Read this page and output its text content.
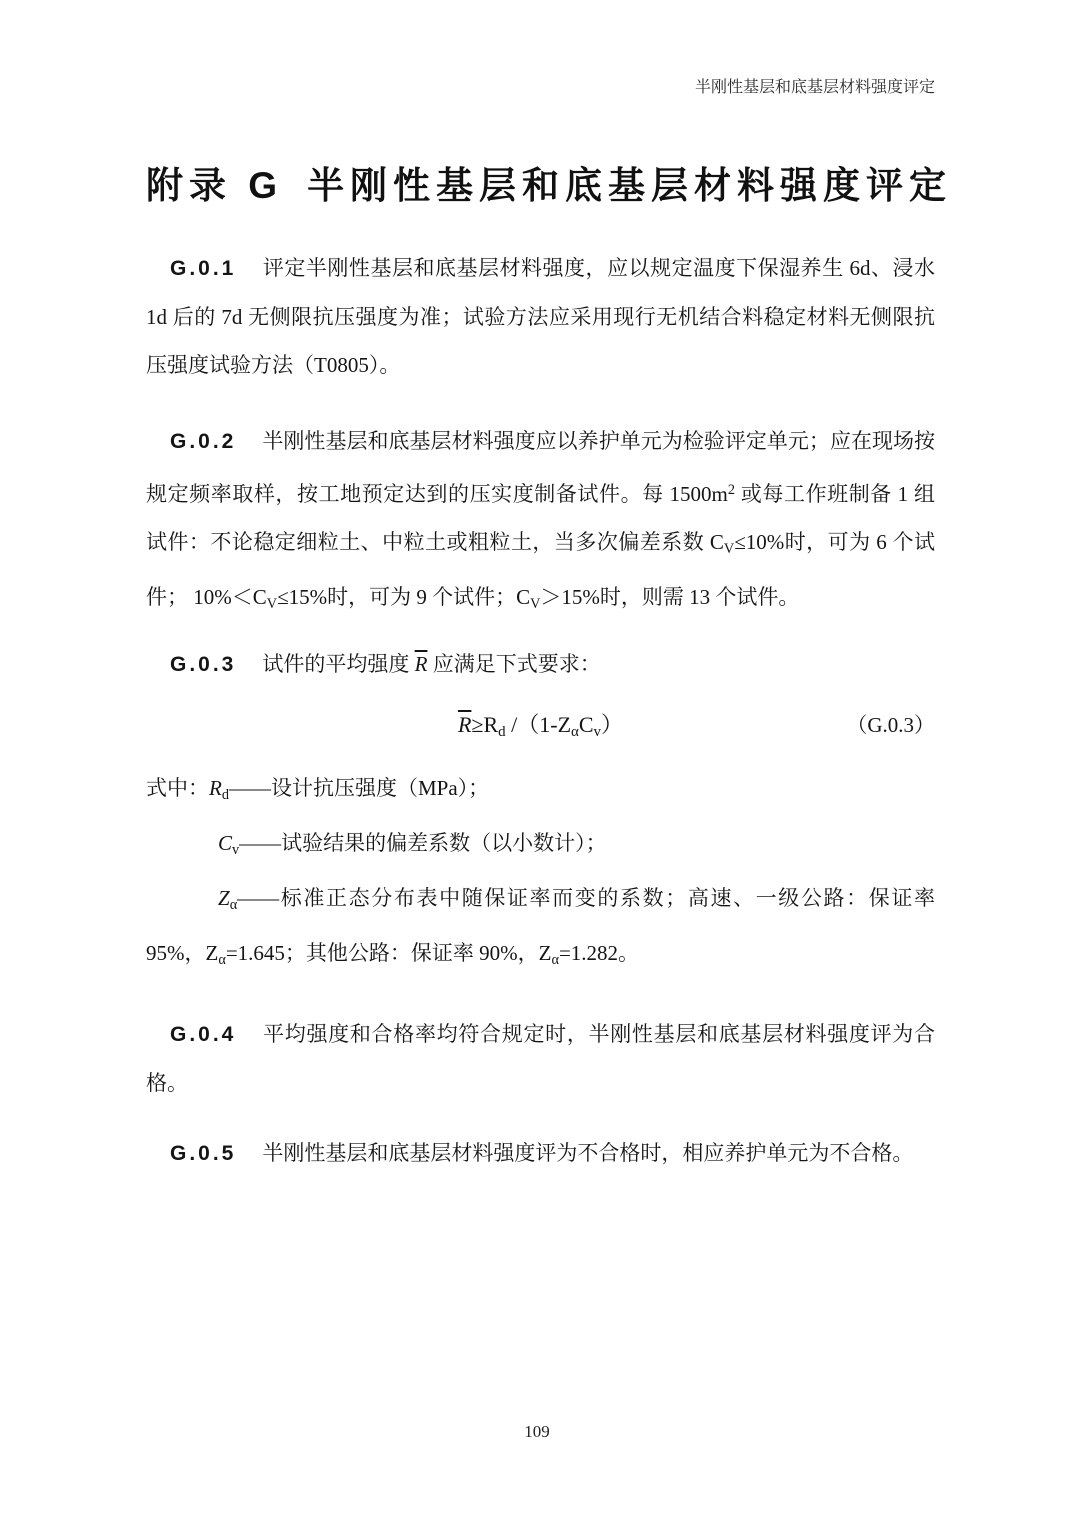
半刚性基层和底基层材料强度评定
附录 G 半刚性基层和底基层材料强度评定

G.0.1 评定半刚性基层和底基层材料强度，应以规定温度下保湿养生 6d、浸水 1d 后的 7d 无侧限抗压强度为准；试验方法应采用现行无机结合料稳定材料无侧限抗压强度试验方法（T0805）。

G.0.2 半刚性基层和底基层材料强度应以养护单元为检验评定单元；应在现场按规定频率取样，按工地预定达到的压实度制备试件。每 $1500m^2$ 或每工作班制备 1 组试件：不论稳定细粒土、中粒土或粗粒土，当多次偏差系数 CV≤10%时，可为 6 个试件； 10%＜CV≤15%时，可为 9 个试件；CV＞15%时，则需 13 个试件。

G.0.3 试件的平均强度 $\overline{R}$ 应满足下式要求：

$\overline{R}\ge Rd$ /（1-ZαCv）	（G.0.3）

式中：Rd——设计抗压强度（MPa）；

Cv——试验结果的偏差系数（以小数计）；

Zα——标准正态分布表中随保证率而变的系数；高速、一级公路：保证率95%，Zα=1.645；其他公路：保证率 90%，Zα=1.282。

G.0.4 平均强度和合格率均符合规定时，半刚性基层和底基层材料强度评为合格。

G.0.5 半刚性基层和底基层材料强度评为不合格时，相应养护单元为不合格。

109
